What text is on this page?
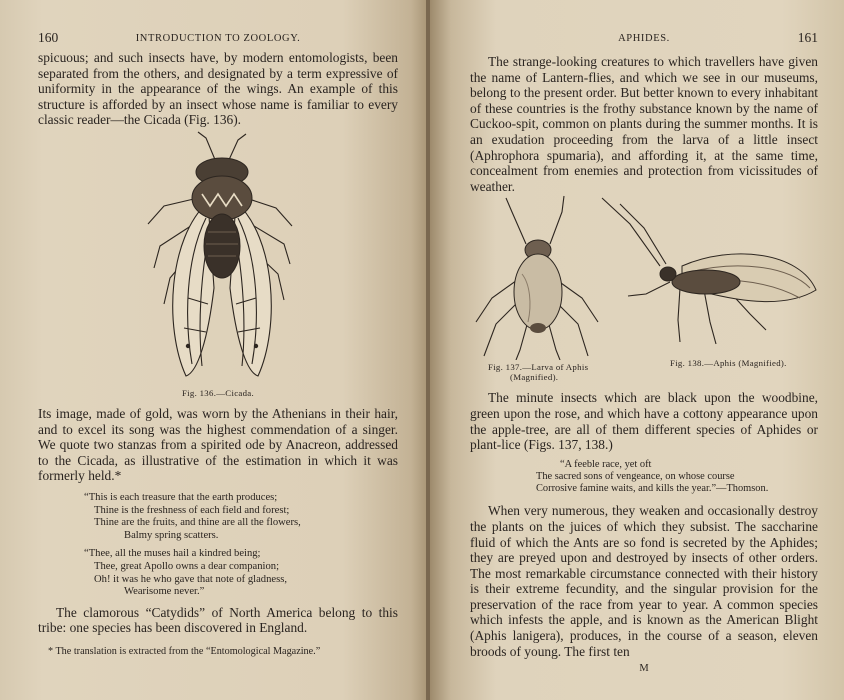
160	INTRODUCTION TO ZOOLOGY.

spicuous; and such insects have, by modern entomologists, been separated from the others, and designated by a term expressive of uniformity in the appearance of the wings. An example of this structure is afforded by an insect whose name is familiar to every classic reader—the Cicada (Fig. 136).

Fig. 136.—Cicada.

Its image, made of gold, was worn by the Athenians in their hair, and to excel its song was the highest commendation of a singer. We quote two stanzas from a spirited ode by Anacreon, addressed to the Cicada, as illustrative of the estimation in which it was formerly held.*

“This is each treasure that the earth produces;
Thine is the freshness of each field and forest;
Thine are the fruits, and thine are all the flowers,
Balmy spring scatters.
“Thee, all the muses hail a kindred being;
Thee, great Apollo owns a dear companion;
Oh! it was he who gave that note of gladness,
Wearisome never.”

The clamorous “Catydids” of North America belong to this tribe: one species has been discovered in England.

* The translation is extracted from the “Entomological Magazine.”
APHIDES.	161

The strange-looking creatures to which travellers have given the name of Lantern-flies, and which we see in our museums, belong to the present order. But better known to every inhabitant of these countries is the frothy substance known by the name of Cuckoo-spit, common on plants during the summer months. It is an exudation proceeding from the larva of a little insect (Aphrophora spumaria), and affording it, at the same time, concealment from enemies and protection from vicissitudes of weather.

Fig. 137.—Larva of Aphis
(Magnified).
Fig. 138.—Aphis (Magnified).

The minute insects which are black upon the woodbine, green upon the rose, and which have a cottony appearance upon the apple-tree, are all of them different species of Aphides or plant-lice (Figs. 137, 138.)

“A feeble race, yet oft
The sacred sons of vengeance, on whose course
Corrosive famine waits, and kills the year.”—Thomson.

When very numerous, they weaken and occasionally destroy the plants on the juices of which they subsist. The saccharine fluid of which the Ants are so fond is secreted by the Aphides; they are preyed upon and destroyed by insects of other orders. The most remarkable circumstance connected with their history is their extreme fecundity, and the singular provision for the preservation of the race from year to year. A common species which infests the apple, and is known as the American Blight (Aphis lanigera), produces, in the course of a season, eleven broods of young. The first ten

M
